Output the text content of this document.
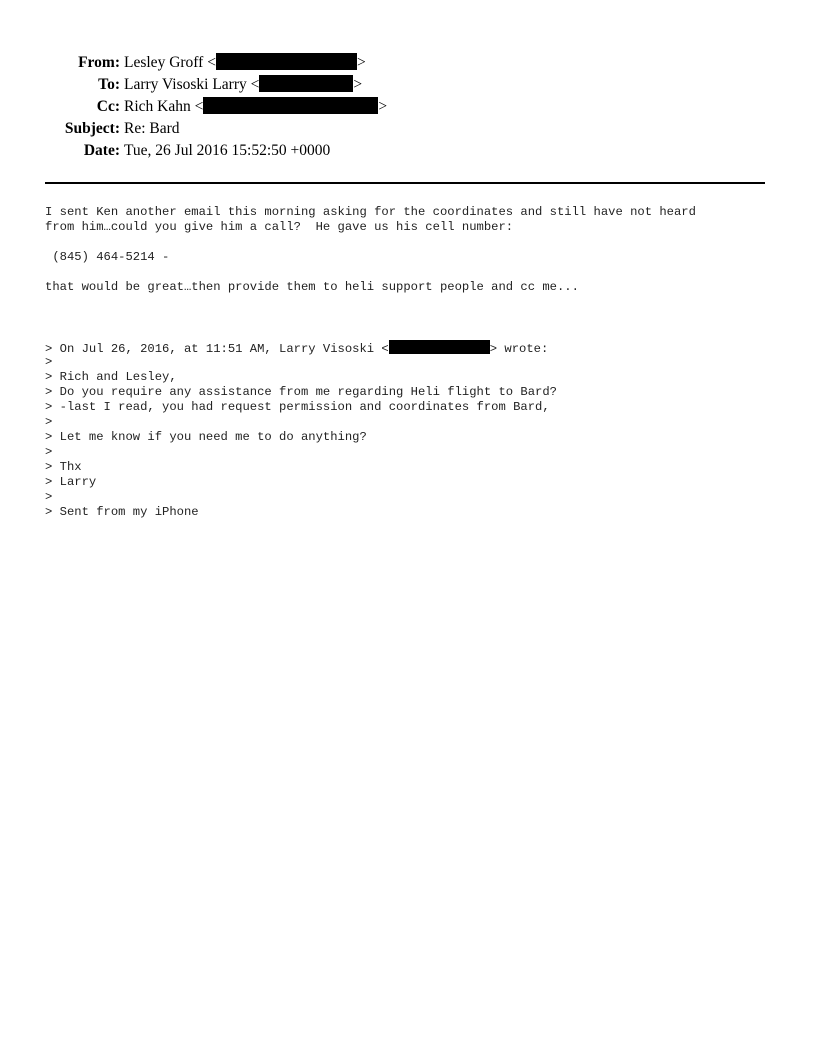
From: Lesley Groff <	>
To: Larry Visoski Larry <	>
Cc: Rich Kahn <	>
Subject: Re: Bard
Date: Tue, 26 Jul 2016 15:52:50 +0000
I sent Ken another email this morning asking for the coordinates and still have not heard
from him…could you give him a call?  He gave us his cell number:
(845) 464-5214 -
that would be great…then provide them to heli support people and cc me...
> On Jul 26, 2016, at 11:51 AM, Larry Visoski <	> wrote:
>
> Rich and Lesley,
> Do you require any assistance from me regarding Heli flight to Bard?
> -last I read, you had request permission and coordinates from Bard,
>
> Let me know if you need me to do anything?
>
> Thx
> Larry
>
> Sent from my iPhone
